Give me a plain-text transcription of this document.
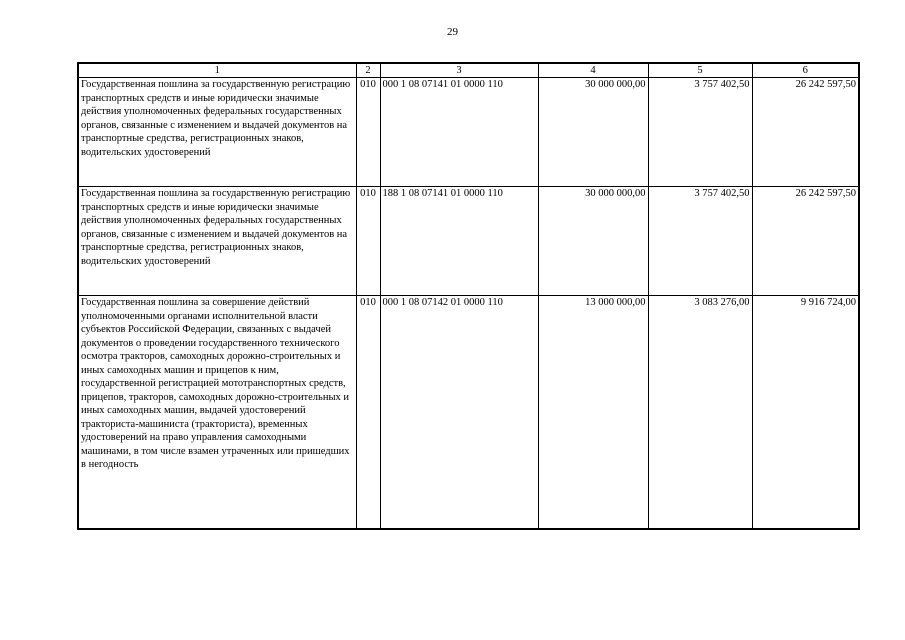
29
1	2	3	4	5	6

Государственная пошлина за государственную регистрацию транспортных средств и иные юридически значимые действия уполномоченных федеральных государственных органов, связанные с изменением и выдачей документов на транспортные средства, регистрационных знаков, водительских удостоверений	010	000 1 08 07141 01 0000 110	30 000 000,00	3 757 402,50	26 242 597,50

Государственная пошлина за государственную регистрацию транспортных средств и иные юридически значимые действия уполномоченных федеральных государственных органов, связанные с изменением и выдачей документов на транспортные средства, регистрационных знаков, водительских удостоверений	010	188 1 08 07141 01 0000 110	30 000 000,00	3 757 402,50	26 242 597,50

Государственная пошлина за совершение действий уполномоченными органами исполнительной власти субъектов Российской Федерации, связанных с выдачей документов о проведении государственного технического осмотра тракторов, самоходных дорожно-строительных и иных самоходных машин и прицепов к ним, государственной регистрацией мототранспортных средств, прицепов, тракторов, самоходных дорожно-строительных и иных самоходных машин, выдачей удостоверений тракториста-машиниста (тракториста), временных удостоверений на право управления самоходными машинами, в том числе взамен утраченных или пришедших в негодность	010	000 1 08 07142 01 0000 110	13 000 000,00	3 083 276,00	9 916 724,00
